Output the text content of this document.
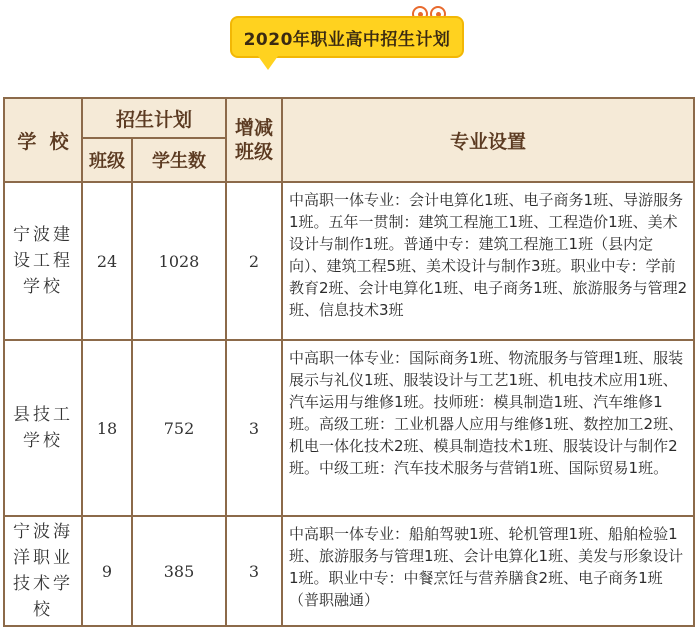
2020年职业高中招生计划
学  校	招生计划		增减班级	专业设置
	班级	学生数		
宁波建设工程学校	24	1028	2	中高职一体专业：会计电算化1班、电子商务1班、导游服务1班。五年一贯制：建筑工程施工1班、工程造价1班、美术设计与制作1班。普通中专：建筑工程施工1班（县内定向）、建筑工程5班、美术设计与制作3班。职业中专：学前教育2班、会计电算化1班、电子商务1班、旅游服务与管理2班、信息技术3班
县技工学校	18	752	3	中高职一体专业：国际商务1班、物流服务与管理1班、服装展示与礼仪1班、服装设计与工艺1班、机电技术应用1班、汽车运用与维修1班。技师班：模具制造1班、汽车维修1班。高级工班：工业机器人应用与维修1班、数控加工2班、机电一体化技术2班、模具制造技术1班、服装设计与制作2班。中级工班：汽车技术服务与营销1班、国际贸易1班。
宁波海洋职业技术学校	9	385	3	中高职一体专业：船舶驾驶1班、轮机管理1班、船舶检验1班、旅游服务与管理1班、会计电算化1班、美发与形象设计1班。职业中专：中餐烹饪与营养膳食2班、电子商务1班（普职融通）
